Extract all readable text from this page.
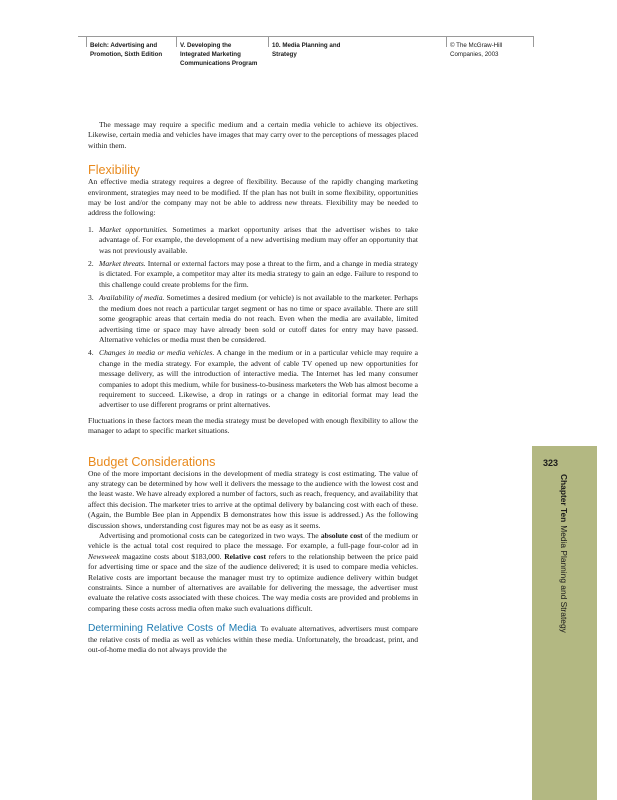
Belch: Advertising and
Promotion, Sixth Edition
V. Developing the
Integrated Marketing
Communications Program
10. Media Planning and
Strategy
© The McGraw-Hill
Companies, 2003

The message may require a specific medium and a certain media vehicle to achieve its objectives. Likewise, certain media and vehicles have images that may carry over to the perceptions of messages placed within them.

Flexibility

An effective media strategy requires a degree of flexibility. Because of the rapidly changing marketing environment, strategies may need to be modified. If the plan has not built in some flexibility, opportunities may be lost and/or the company may not be able to address new threats. Flexibility may be needed to address the following:

1. Market opportunities. Sometimes a market opportunity arises that the advertiser wishes to take advantage of. For example, the development of a new advertising medium may offer an opportunity that was not previously available.
2. Market threats. Internal or external factors may pose a threat to the firm, and a change in media strategy is dictated. For example, a competitor may alter its media strategy to gain an edge. Failure to respond to this challenge could create problems for the firm.
3. Availability of media. Sometimes a desired medium (or vehicle) is not available to the marketer. Perhaps the medium does not reach a particular target segment or has no time or space available. There are still some geographic areas that certain media do not reach. Even when the media are available, limited advertising time or space may have already been sold or cutoff dates for entry may have passed. Alternative vehicles or media must then be considered.
4. Changes in media or media vehicles. A change in the medium or in a particular vehicle may require a change in the media strategy. For example, the advent of cable TV opened up new opportunities for message delivery, as will the introduction of interactive media. The Internet has led many consumer companies to adopt this medium, while for business-to-business marketers the Web has almost become a requirement to succeed. Likewise, a drop in ratings or a change in editorial format may lead the advertiser to use different programs or print alternatives.

Fluctuations in these factors mean the media strategy must be developed with enough flexibility to allow the manager to adapt to specific market situations.

Budget Considerations

One of the more important decisions in the development of media strategy is cost estimating. The value of any strategy can be determined by how well it delivers the message to the audience with the lowest cost and the least waste. We have already explored a number of factors, such as reach, frequency, and availability that affect this decision. The marketer tries to arrive at the optimal delivery by balancing cost with each of these. (Again, the Bumble Bee plan in Appendix B demonstrates how this issue is addressed.) As the following discussion shows, understanding cost figures may not be as easy as it seems.

Advertising and promotional costs can be categorized in two ways. The absolute cost of the medium or vehicle is the actual total cost required to place the message. For example, a full-page four-color ad in Newsweek magazine costs about $183,000. Relative cost refers to the relationship between the price paid for advertising time or space and the size of the audience delivered; it is used to compare media vehicles. Relative costs are important because the manager must try to optimize audience delivery within budget constraints. Since a number of alternatives are available for delivering the message, the advertiser must evaluate the relative costs associated with these choices. The way media costs are provided and problems in comparing these costs across media often make such evaluations difficult.

Determining Relative Costs of Media To evaluate alternatives, advertisers must compare the relative costs of media as well as vehicles within these media. Unfortunately, the broadcast, print, and out-of-home media do not always provide the

323
Chapter TenMedia Planning and Strategy
